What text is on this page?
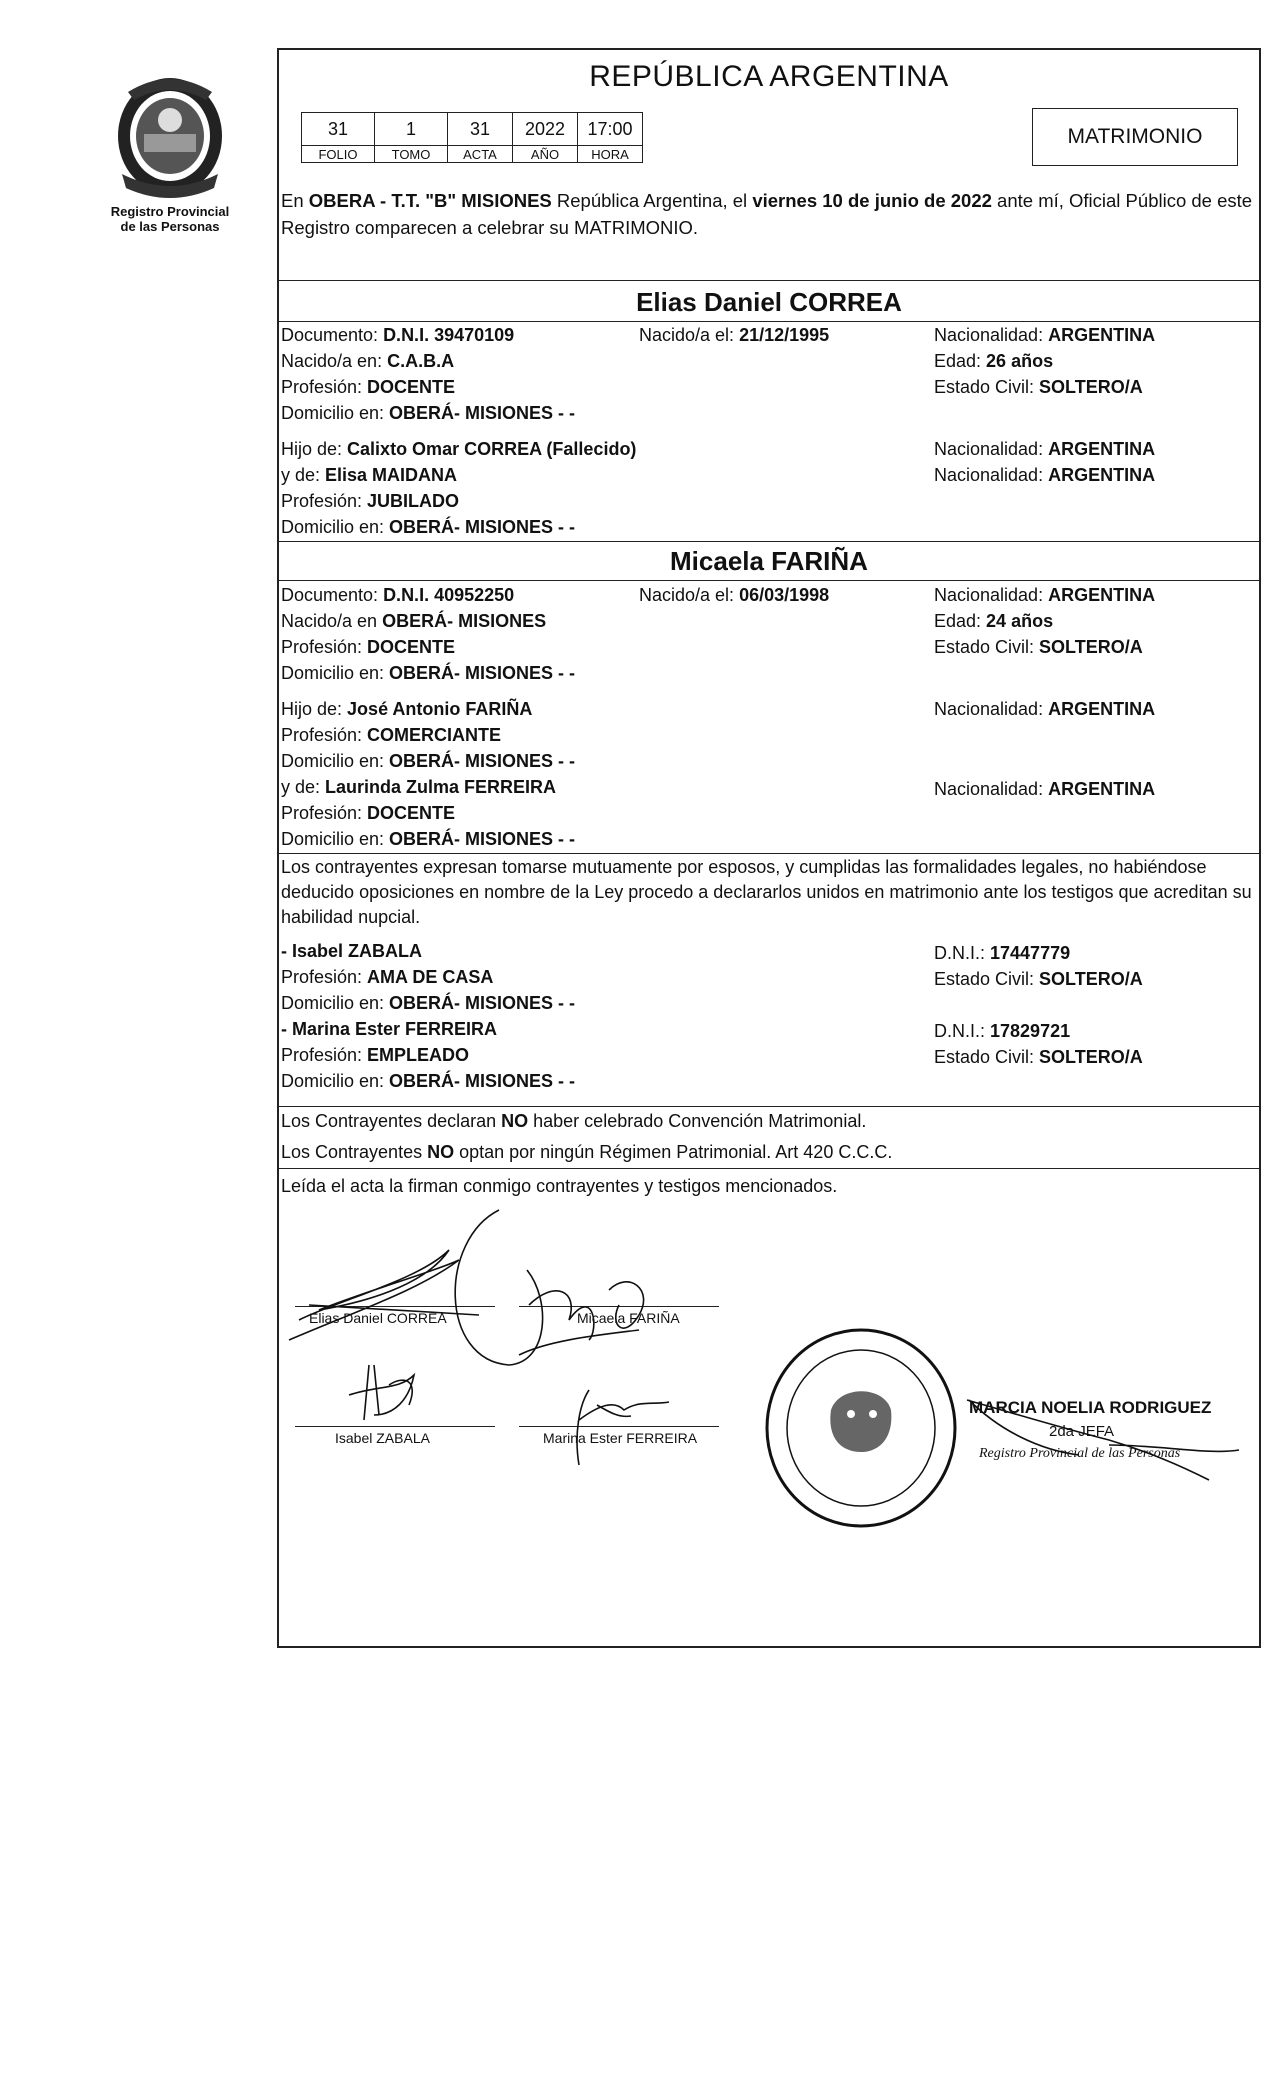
Registro Provincial
de las Personas
REPÚBLICA ARGENTINA
31	1	31	2022	17:00
FOLIO	TOMO	ACTA	AÑO	HORA
MATRIMONIO
En OBERA - T.T. "B" MISIONES República Argentina, el viernes 10 de junio de 2022 ante mí, Oficial Público de este Registro comparecen a celebrar su MATRIMONIO.
Elias Daniel CORREA
Documento: D.N.I. 39470109	Nacido/a el: 21/12/1995	Nacionalidad: ARGENTINA
Nacido/a en: C.A.B.A	Edad: 26 años
Profesión: DOCENTE	Estado Civil: SOLTERO/A
Domicilio en: OBERÁ- MISIONES - -
Hijo de: Calixto Omar CORREA (Fallecido)	Nacionalidad: ARGENTINA
y de: Elisa MAIDANA	Nacionalidad: ARGENTINA
Profesión: JUBILADO
Domicilio en: OBERÁ- MISIONES - -
Micaela FARIÑA
Documento: D.N.I. 40952250	Nacido/a el: 06/03/1998	Nacionalidad: ARGENTINA
Nacido/a en OBERÁ- MISIONES	Edad: 24 años
Profesión: DOCENTE	Estado Civil: SOLTERO/A
Domicilio en: OBERÁ- MISIONES - -
Hijo de: José Antonio FARIÑA	Nacionalidad: ARGENTINA
Profesión: COMERCIANTE
Domicilio en: OBERÁ- MISIONES - -
y de: Laurinda Zulma FERREIRA	Nacionalidad: ARGENTINA
Profesión: DOCENTE
Domicilio en: OBERÁ- MISIONES - -
Los contrayentes expresan tomarse mutuamente por esposos, y cumplidas las formalidades legales, no habiéndose deducido oposiciones en nombre de la Ley procedo a declararlos unidos en matrimonio ante los testigos que acreditan su habilidad nupcial.
- Isabel ZABALA	D.N.I.: 17447779
Profesión: AMA DE CASA	Estado Civil: SOLTERO/A
Domicilio en: OBERÁ- MISIONES - -
- Marina Ester FERREIRA	D.N.I.: 17829721
Profesión: EMPLEADO	Estado Civil: SOLTERO/A
Domicilio en: OBERÁ- MISIONES - -
Los Contrayentes declaran NO haber celebrado Convención Matrimonial.
Los Contrayentes NO optan por ningún Régimen Patrimonial. Art 420 C.C.C.
Leída el acta la firman conmigo contrayentes y testigos mencionados.
Elias Daniel CORREA	Micaela FARIÑA
Isabel ZABALA	Marina Ester FERREIRA
MARCIA NOELIA RODRIGUEZ
2da JEFA
Registro Provincial de las Personas
